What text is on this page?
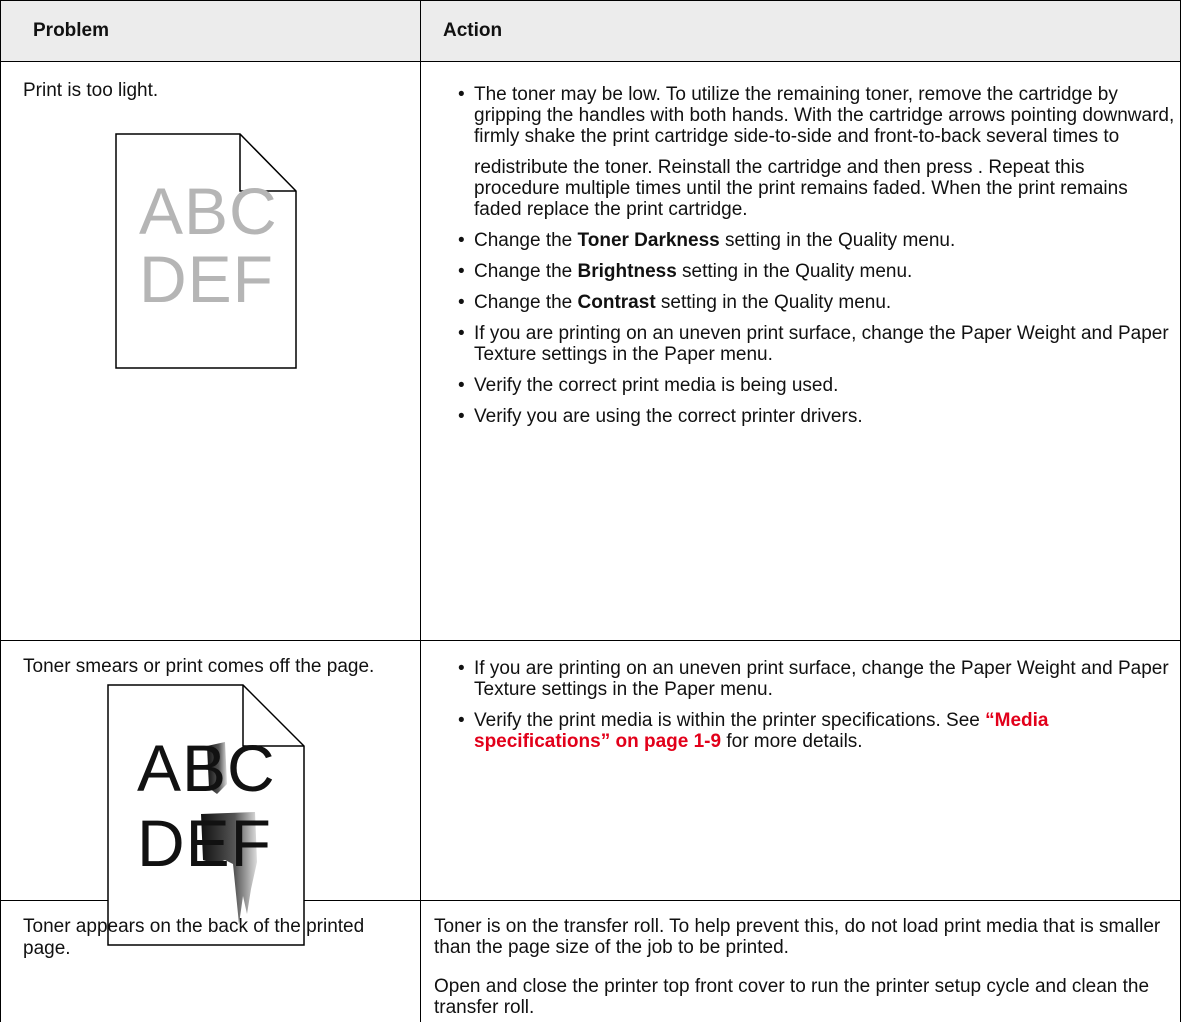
Problem	Action
Print is too light.
ABC
DEF
• The toner may be low. To utilize the remaining toner, remove the cartridge by gripping the handles with both hands. With the cartridge arrows pointing downward, firmly shake the print cartridge side-to-side and front-to-back several times to
redistribute the toner. Reinstall the cartridge and then press . Repeat this procedure multiple times until the print remains faded. When the print remains faded replace the print cartridge.
• Change the Toner Darkness setting in the Quality menu.
• Change the Brightness setting in the Quality menu.
• Change the Contrast setting in the Quality menu.
• If you are printing on an uneven print surface, change the Paper Weight and Paper Texture settings in the Paper menu.
• Verify the correct print media is being used.
• Verify you are using the correct printer drivers.
Toner smears or print comes off the page.
ABC
DEF
• If you are printing on an uneven print surface, change the Paper Weight and Paper Texture settings in the Paper menu.
• Verify the print media is within the printer specifications. See “Media specifications” on page 1-9 for more details.
Toner appears on the back of the printed page.
Toner is on the transfer roll. To help prevent this, do not load print media that is smaller than the page size of the job to be printed.
Open and close the printer top front cover to run the printer setup cycle and clean the transfer roll.
